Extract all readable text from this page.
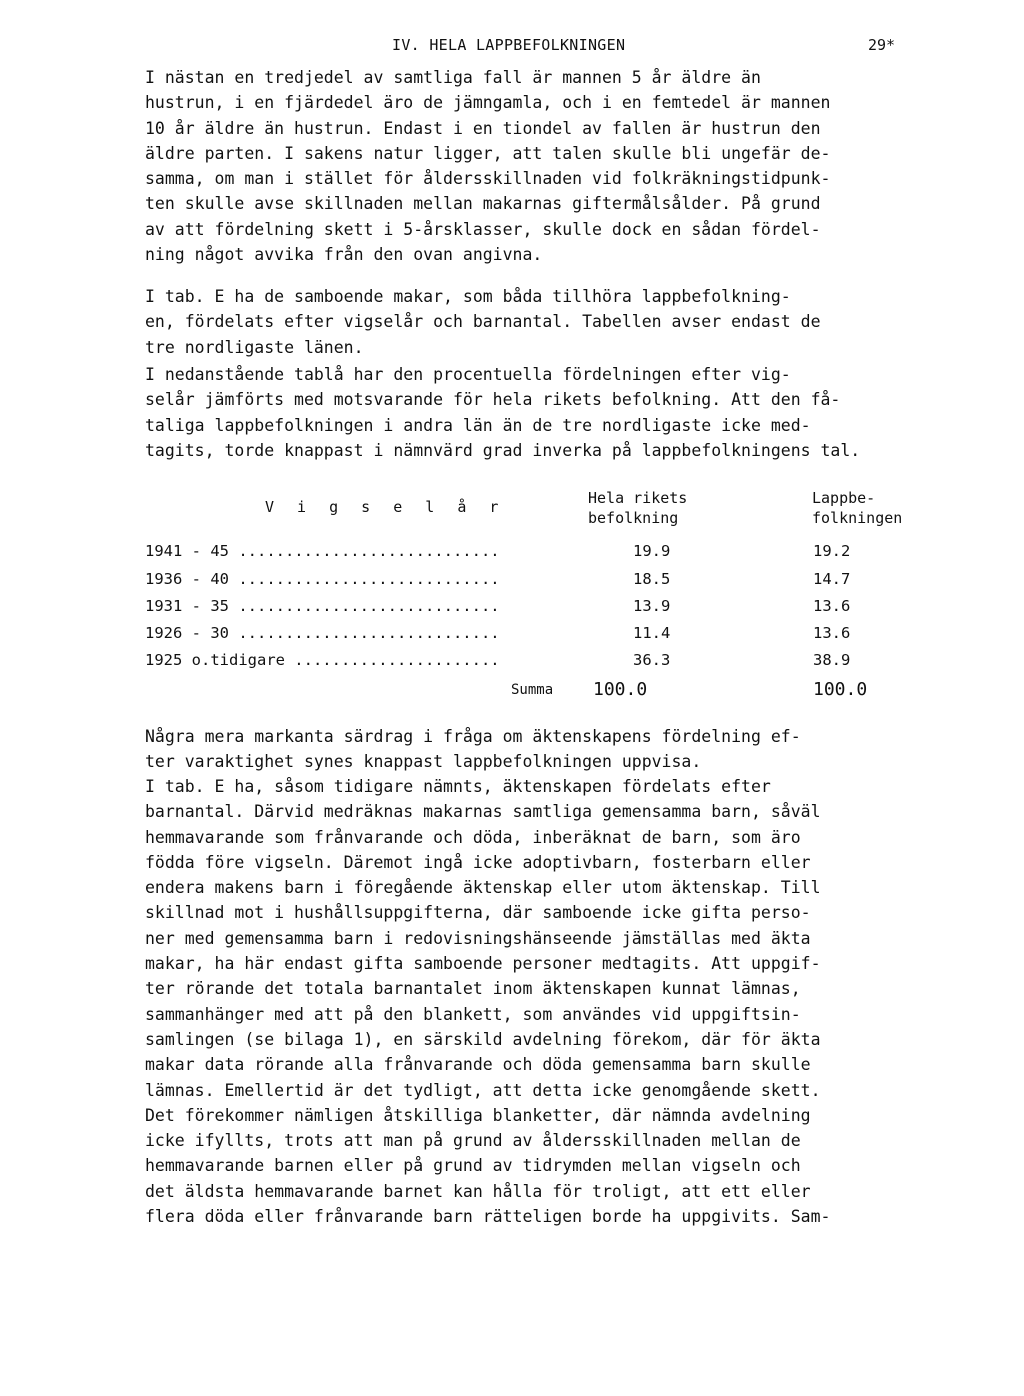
IV. HELA LAPPBEFOLKNINGEN	29*
I nästan en tredjedel av samtliga fall är mannen 5 år äldre än
hustrun, i en fjärdedel äro de jämngamla, och i en femtedel är mannen
10 år äldre än hustrun. Endast i en tiondel av fallen är hustrun den
äldre parten. I sakens natur ligger, att talen skulle bli ungefär de-
samma, om man i stället för åldersskillnaden vid folkräkningstidpunk-
ten skulle avse skillnaden mellan makarnas giftermålsålder. På grund
av att fördelning skett i 5-årsklasser, skulle dock en sådan fördel-
ning något avvika från den ovan angivna.
I tab. E ha de samboende makar, som båda tillhöra lappbefolkning-
en, fördelats efter vigselår och barnantal. Tabellen avser endast de
tre nordligaste länen.
I nedanstående tablå har den procentuella fördelningen efter vig-
selår jämförts med motsvarande för hela rikets befolkning. Att den få-
taliga lappbefolkningen i andra län än de tre nordligaste icke med-
tagits, torde knappast i nämnvärd grad inverka på lappbefolkningens tal.
V i g s e l å r	Hela rikets
befolkning
Lappbe-
folkningen
1941 - 45 ............................	19.9	19.2
1936 - 40 ............................	18.5	14.7
1931 - 35 ............................	13.9	13.6
1926 - 30 ............................	11.4	13.6
1925 o.tidigare ......................	36.3	38.9
Summa 100.0	100.0
Några mera markanta särdrag i fråga om äktenskapens fördelning ef-
ter varaktighet synes knappast lappbefolkningen uppvisa.
I tab. E ha, såsom tidigare nämnts, äktenskapen fördelats efter
barnantal. Därvid medräknas makarnas samtliga gemensamma barn, såväl
hemmavarande som frånvarande och döda, inberäknat de barn, som äro
födda före vigseln. Däremot ingå icke adoptivbarn, fosterbarn eller
endera makens barn i föregående äktenskap eller utom äktenskap. Till
skillnad mot i hushållsuppgifterna, där samboende icke gifta perso-
ner med gemensamma barn i redovisningshänseende jämställas med äkta
makar, ha här endast gifta samboende personer medtagits. Att uppgif-
ter rörande det totala barnantalet inom äktenskapen kunnat lämnas,
sammanhänger med att på den blankett, som användes vid uppgiftsin-
samlingen (se bilaga 1), en särskild avdelning förekom, där för äkta
makar data rörande alla frånvarande och döda gemensamma barn skulle
lämnas. Emellertid är det tydligt, att detta icke genomgående skett.
Det förekommer nämligen åtskilliga blanketter, där nämnda avdelning
icke ifyllts, trots att man på grund av åldersskillnaden mellan de
hemmavarande barnen eller på grund av tidrymden mellan vigseln och
det äldsta hemmavarande barnet kan hålla för troligt, att ett eller
flera döda eller frånvarande barn rätteligen borde ha uppgivits. Sam-
